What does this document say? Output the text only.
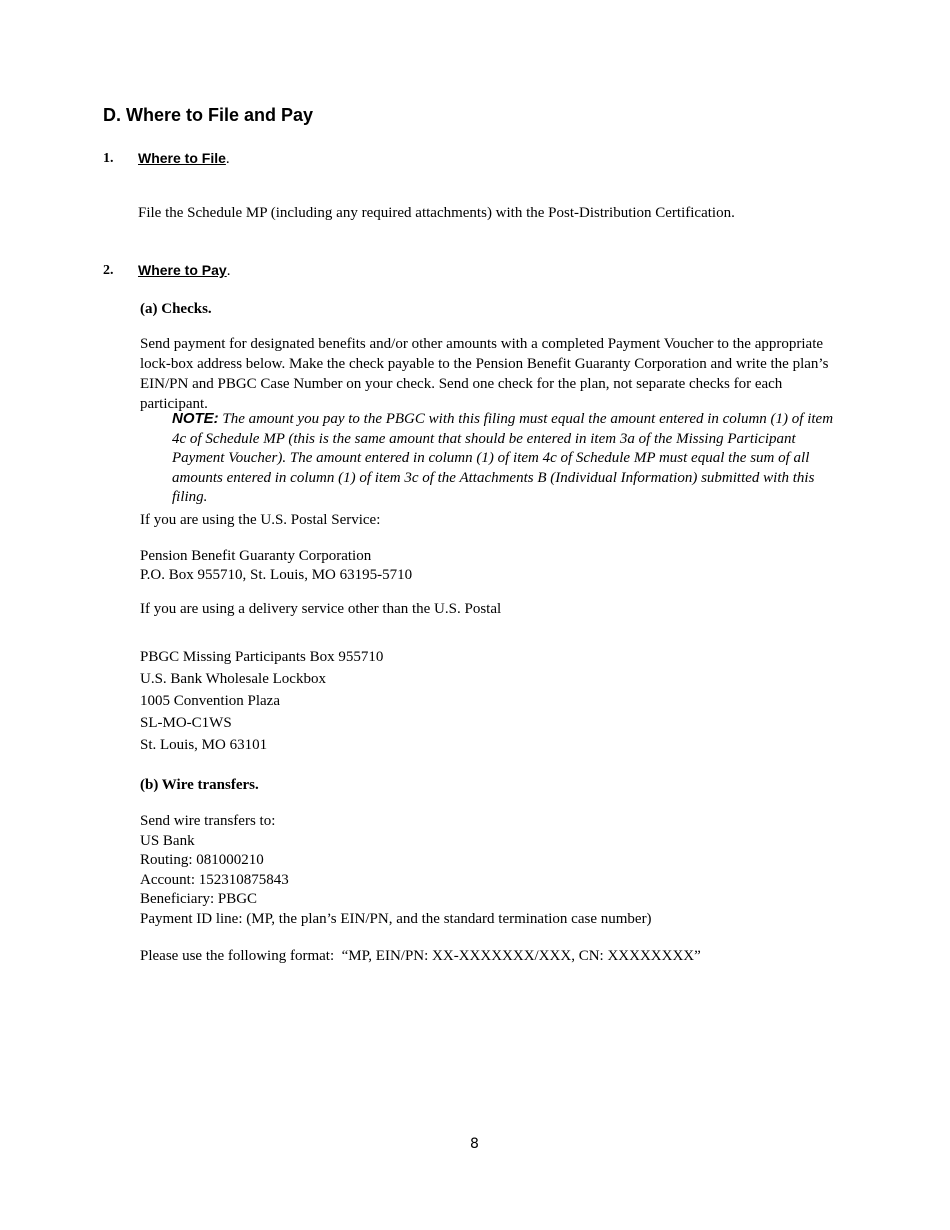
D. Where to File and Pay
1. Where to File.
File the Schedule MP (including any required attachments) with the Post-Distribution Certification.
2. Where to Pay.
(a) Checks.
Send payment for designated benefits and/or other amounts with a completed Payment Voucher to the appropriate lock-box address below. Make the check payable to the Pension Benefit Guaranty Corporation and write the plan’s EIN/PN and PBGC Case Number on your check. Send one check for the plan, not separate checks for each participant.
NOTE: The amount you pay to the PBGC with this filing must equal the amount entered in column (1) of item 4c of Schedule MP (this is the same amount that should be entered in item 3a of the Missing Participant Payment Voucher). The amount entered in column (1) of item 4c of Schedule MP must equal the sum of all amounts entered in column (1) of item 3c of the Attachments B (Individual Information) submitted with this filing.
If you are using the U.S. Postal Service:
Pension Benefit Guaranty Corporation
P.O. Box 955710, St. Louis, MO 63195-5710
If you are using a delivery service other than the U.S. Postal
PBGC Missing Participants Box 955710
U.S. Bank Wholesale Lockbox
1005 Convention Plaza
SL-MO-C1WS
St. Louis, MO 63101
(b) Wire transfers.
Send wire transfers to:
US Bank
Routing: 081000210
Account: 152310875843
Beneficiary: PBGC
Payment ID line: (MP, the plan’s EIN/PN, and the standard termination case number)
Please use the following format:  “MP, EIN/PN: XX-XXXXXXX/XXX, CN: XXXXXXXX”
8
